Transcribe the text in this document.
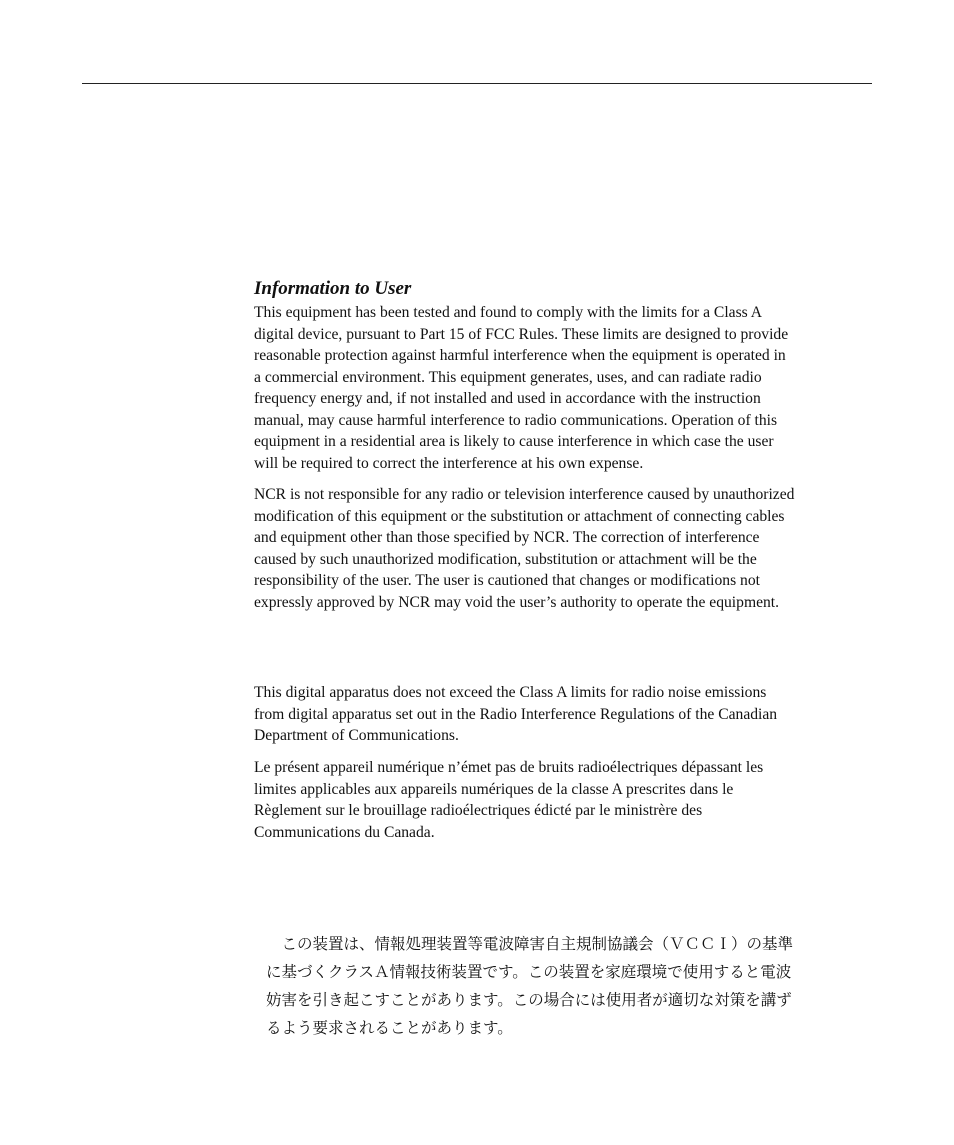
Information to User

This equipment has been tested and found to comply with the limits for a Class A
digital device, pursuant to Part 15 of FCC Rules. These limits are designed to provide
reasonable protection against harmful interference when the equipment is operated in
a commercial environment. This equipment generates, uses, and can radiate radio
frequency energy and, if not installed and used in accordance with the instruction
manual, may cause harmful interference to radio communications. Operation of this
equipment in a residential area is likely to cause interference in which case the user
will be required to correct the interference at his own expense.

NCR is not responsible for any radio or television interference caused by unauthorized
modification of this equipment or the substitution or attachment of connecting cables
and equipment other than those specified by NCR. The correction of interference
caused by such unauthorized modification, substitution or attachment will be the
responsibility of the user. The user is cautioned that changes or modifications not
expressly approved by NCR may void the user’s authority to operate the equipment.

This digital apparatus does not exceed the Class A limits for radio noise emissions
from digital apparatus set out in the Radio Interference Regulations of the Canadian
Department of Communications.

Le présent appareil numérique n’émet pas de bruits radioélectriques dépassant les
limites applicables aux appareils numériques de la classe A prescrites dans le
Règlement sur le brouillage radioélectriques édicté par le ministrère des
Communications du Canada.

　この装置は、情報処理装置等電波障害自主規制協議会（ＶＣＣＩ）の基準
に基づくクラスＡ情報技術装置です。この装置を家庭環境で使用すると電波
妨害を引き起こすことがあります。この場合には使用者が適切な対策を講ず
るよう要求されることがあります。
